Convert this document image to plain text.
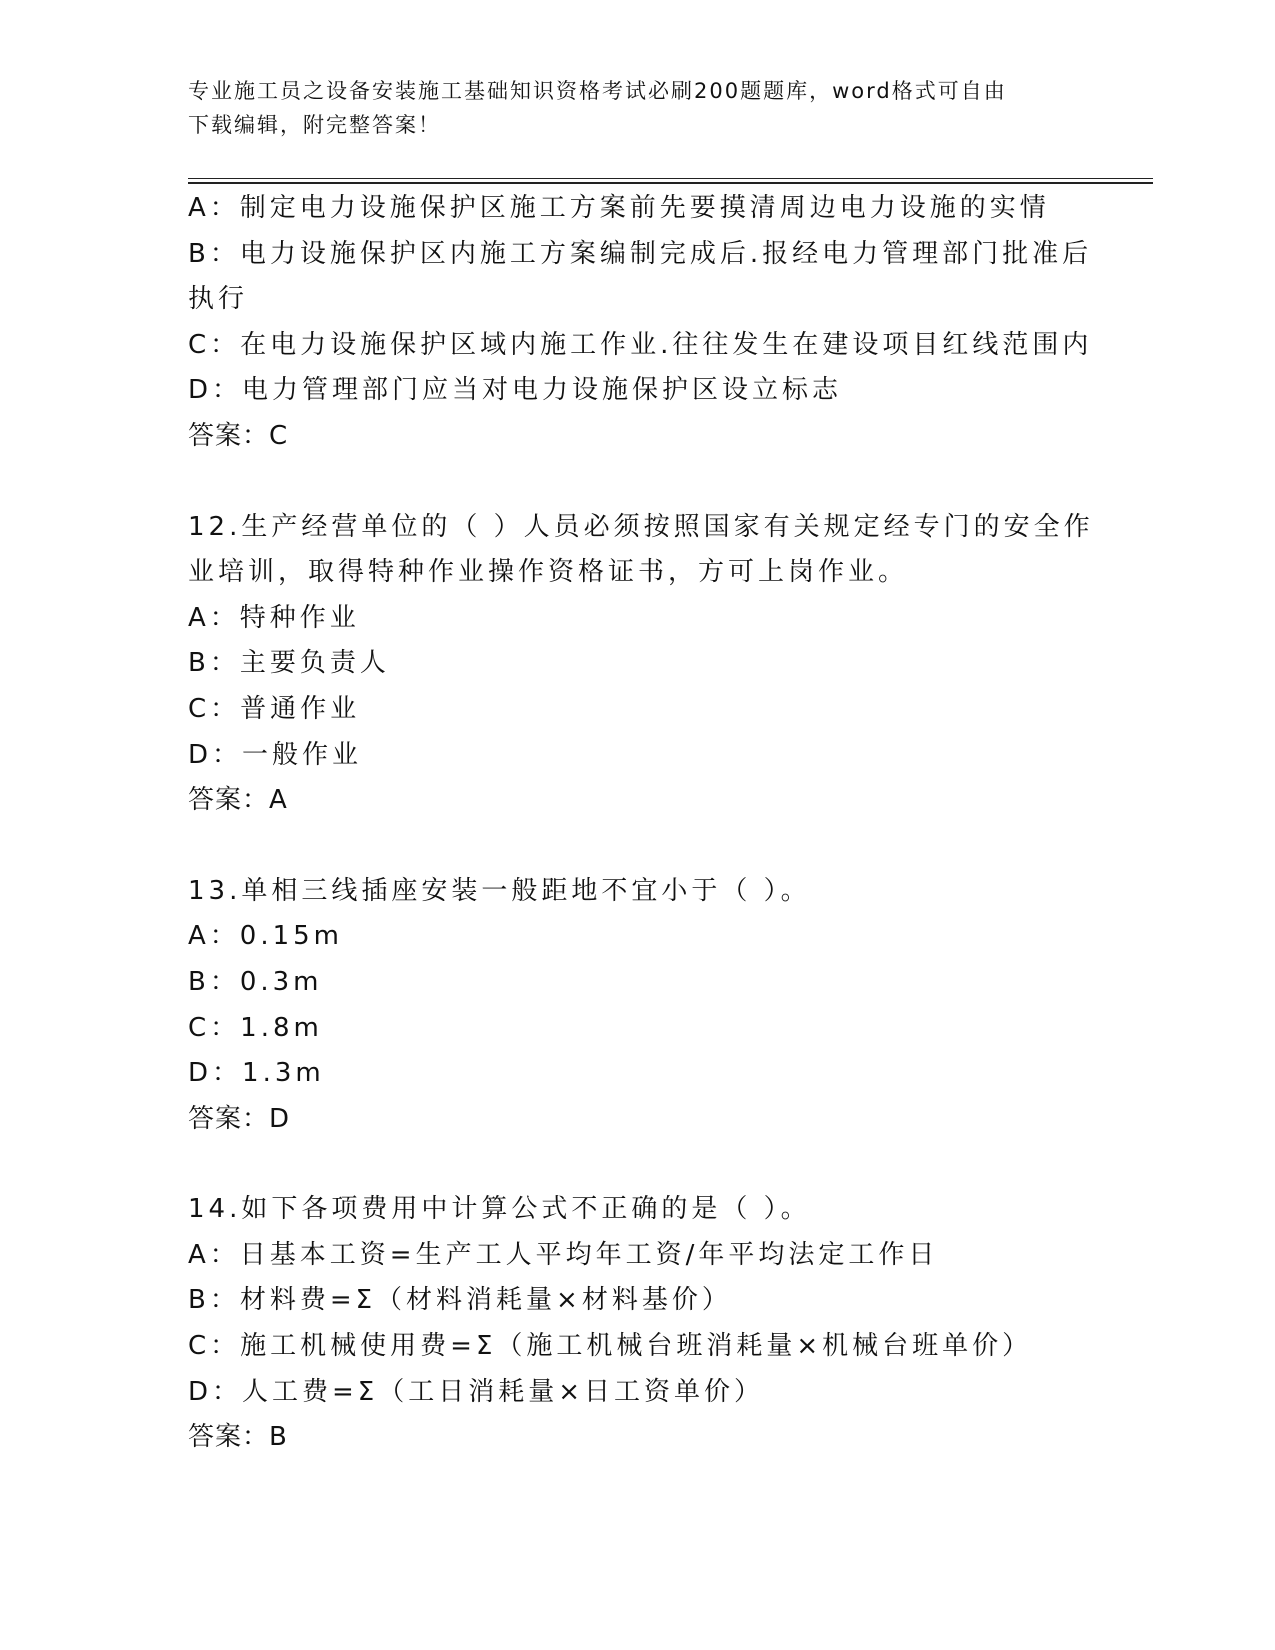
专业施工员之设备安装施工基础知识资格考试必刷200题题库，word格式可自由
下载编辑，附完整答案！
A：制定电力设施保护区施工方案前先要摸清周边电力设施的实情
B：电力设施保护区内施工方案编制完成后.报经电力管理部门批准后
执行
C：在电力设施保护区域内施工作业.往往发生在建设项目红线范围内
D：电力管理部门应当对电力设施保护区设立标志
答案：C
12.生产经营单位的（ ）人员必须按照国家有关规定经专门的安全作
业培训，取得特种作业操作资格证书，方可上岗作业。
A：特种作业
B：主要负责人
C：普通作业
D：一般作业
答案：A
13.单相三线插座安装一般距地不宜小于（ ）。
A：0.15m
B：0.3m
C：1.8m
D：1.3m
答案：D
14.如下各项费用中计算公式不正确的是（ ）。
A：日基本工资=生产工人平均年工资/年平均法定工作日
B：材料费=Σ（材料消耗量×材料基价）
C：施工机械使用费=Σ（施工机械台班消耗量×机械台班单价）
D：人工费=Σ（工日消耗量×日工资单价）
答案：B
